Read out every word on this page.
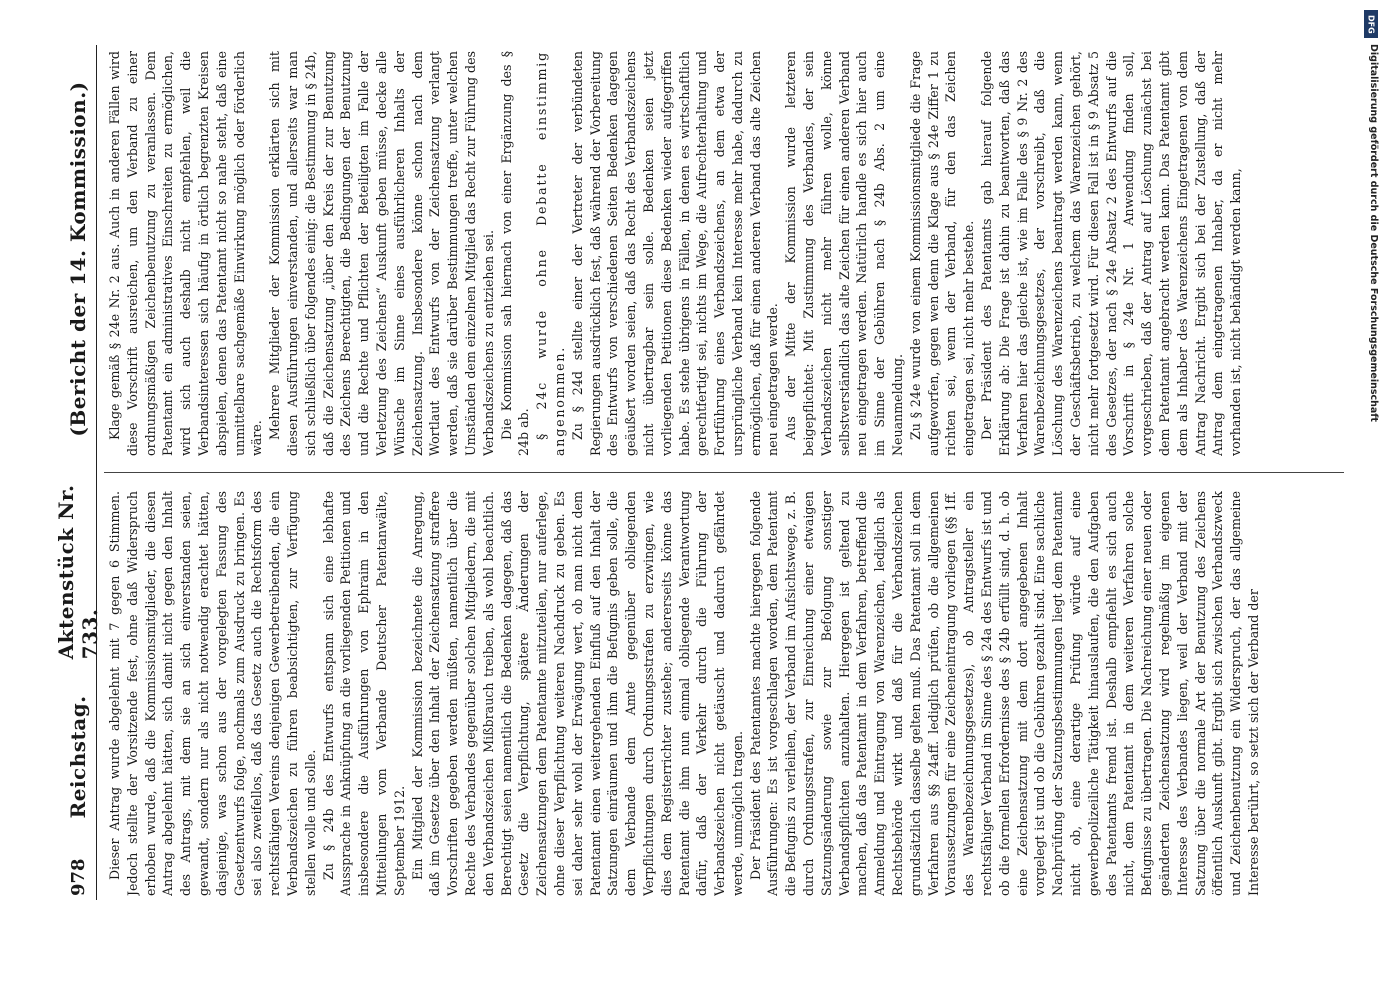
978
Reichstag.
Aktenstück Nr. 733.
(Bericht der 14. Kommission.)

Dieser Antrag wurde abgelehnt mit 7 gegen 6 Stimmen. Jedoch stellte der Vorsitzende fest, ohne daß Widerspruch erhoben wurde, daß die Kommissionsmitglieder, die diesen Antrag abgelehnt hätten, sich damit nicht gegen den Inhalt des Antrags, mit dem sie an sich einverstanden seien, gewandt, sondern nur als nicht notwendig erachtet hätten, dasjenige, was schon aus der vorgelegten Fassung des Gesetzentwurfs folge, nochmals zum Ausdruck zu bringen. Es sei also zweifellos, daß das Gesetz auch die Rechtsform des rechtsfähigen Vereins denjenigen Gewerbetreibenden, die ein Verbandszeichen zu führen beabsichtigten, zur Verfügung stellen wolle und solle. Zu § 24b des Entwurfs entspann sich eine lebhafte Aussprache in Anknüpfung an die vorliegenden Petitionen und insbesondere die Ausführungen von Ephraim in den Mitteilungen vom Verbande Deutscher Patentanwälte, September 1912. Ein Mitglied der Kommission bezeichnete die Anregung, daß im Gesetze über den Inhalt der Zeichensatzung straffere Vorschriften gegeben werden müßten, namentlich über die Rechte des Verbandes gegenüber solchen Mitgliedern, die mit den Verbandszeichen Mißbrauch treiben, als wohl beachtlich. Berechtigt seien namentlich die Bedenken dagegen, daß das Gesetz die Verpflichtung, spätere Änderungen der Zeichensatzungen dem Patentamte mitzuteilen, nur auferlege, ohne dieser Verpflichtung weiteren Nachdruck zu geben. Es sei daher sehr wohl der Erwägung wert, ob man nicht dem Patentamt einen weitergehenden Einfluß auf den Inhalt der Satzungen einräumen und ihm die Befugnis geben solle, die dem Verbande dem Amte gegenüber obliegenden Verpflichtungen durch Ordnungsstrafen zu erzwingen, wie dies dem Registerrichter zustehe; andererseits könne das Patentamt die ihm nun einmal obliegende Verantwortung dafür, daß der Verkehr durch die Führung der Verbandszeichen nicht getäuscht und dadurch gefährdet werde, unmöglich tragen. Der Präsident des Patentamtes machte hiergegen folgende Ausführungen: Es ist vorgeschlagen worden, dem Patentamt die Befugnis zu verleihen, der Verband im Aufsichtswege, z. B. durch Ordnungsstrafen, zur Einreichung einer etwaigen Satzungsänderung sowie zur Befolgung sonstiger Verbandspflichten anzuhalten. Hiergegen ist geltend zu machen, daß das Patentamt in dem Verfahren, betreffend die Anmeldung und Eintragung von Warenzeichen, lediglich als Rechtsbehörde wirkt und daß für die Verbandszeichen grundsätzlich dasselbe gelten muß. Das Patentamt soll in dem Verfahren aus §§ 24aff. lediglich prüfen, ob die allgemeinen Voraussetzungen für eine Zeicheneintragung vorliegen (§§ 1ff. des Warenbezeichnungsgesetzes), ob Antragsteller ein rechtsfähiger Verband im Sinne des § 24a des Entwurfs ist und ob die formellen Erfordernisse des § 24b erfüllt sind, d. h. ob eine Zeichensatzung mit dem dort angegebenen Inhalt vorgelegt ist und ob die Gebühren gezahlt sind. Eine sachliche Nachprüfung der Satzungsbestimmungen liegt dem Patentamt nicht ob, eine derartige Prüfung würde auf eine gewerbepolizeiliche Tätigkeit hinauslaufen, die den Aufgaben des Patentamts fremd ist. Deshalb empfiehlt es sich auch nicht, dem Patentamt in dem weiteren Verfahren solche Befugnisse zu übertragen. Die Nachreichung einer neuen oder geänderten Zeichensatzung wird regelmäßig im eigenen Interesse des Verbandes liegen, weil der Verband mit der Satzung über die normale Art der Benutzung des Zeichens öffentlich Auskunft gibt. Ergibt sich zwischen Verbandszweck und Zeichenbenutzung ein Widerspruch, der das allgemeine Interesse berührt, so setzt sich der Verband der

Klage gemäß § 24e Nr. 2 aus. Auch in anderen Fällen wird diese Vorschrift ausreichen, um den Verband zu einer ordnungsmäßigen Zeichenbenutzung zu veranlassen. Dem Patentamt ein administratives Einschreiten zu ermöglichen, wird sich auch deshalb nicht empfehlen, weil die Verbandsinteressen sich häufig in örtlich begrenzten Kreisen abspielen, denen das Patentamt nicht so nahe steht, daß eine unmittelbare sachgemäße Einwirkung möglich oder förderlich wäre. Mehrere Mitglieder der Kommission erklärten sich mit diesen Ausführungen einverstanden, und allerseits war man sich schließlich über folgendes einig: die Bestimmung in § 24b, daß die Zeichensatzung „über den Kreis der zur Benutzung des Zeichens Berechtigten, die Bedingungen der Benutzung und die Rechte und Pflichten der Beteiligten im Falle der Verletzung des Zeichens“ Auskunft geben müsse, decke alle Wünsche im Sinne eines ausführlicheren Inhalts der Zeichensatzung. Insbesondere könne schon nach dem Wortlaut des Entwurfs von der Zeichensatzung verlangt werden, daß sie darüber Bestimmungen treffe, unter welchen Umständen dem einzelnen Mitglied das Recht zur Führung des Verbandszeichens zu entziehen sei. Die Kommission sah hiernach von einer Ergänzung des § 24b ab. § 24c wurde ohne Debatte einstimmig angenommen. Zu § 24d stellte einer der Vertreter der verbündeten Regierungen ausdrücklich fest, daß während der Vorbereitung des Entwurfs von verschiedenen Seiten Bedenken dagegen geäußert worden seien, daß das Recht des Verbandszeichens nicht übertragbar sein solle. Bedenken seien jetzt vorliegenden Petitionen diese Bedenken wieder aufgegriffen habe. Es stehe übrigens in Fällen, in denen es wirtschaftlich gerechtfertigt sei, nichts im Wege, die Aufrechterhaltung und Fortführung eines Verbandszeichens, an dem etwa der ursprüngliche Verband kein Interesse mehr habe, dadurch zu ermöglichen, daß für einen anderen Verband das alte Zeichen neu eingetragen werde. Aus der Mitte der Kommission wurde letzteren beigepflichtet: Mit Zustimmung des Verbandes, der sein Verbandszeichen nicht mehr führen wolle, könne selbstverständlich das alte Zeichen für einen anderen Verband neu eingetragen werden. Natürlich handle es sich hier auch im Sinne der Gebühren nach § 24b Abs. 2 um eine Neuanmeldung. Zu § 24e wurde von einem Kommissionsmitgliede die Frage aufgeworfen, gegen wen denn die Klage aus § 24e Ziffer 1 zu richten sei, wenn der Verband, für den das Zeichen eingetragen sei, nicht mehr bestehe. Der Präsident des Patentamts gab hierauf folgende Erklärung ab: Die Frage ist dahin zu beantworten, daß das Verfahren hier das gleiche ist, wie im Falle des § 9 Nr. 2 des Warenbezeichnungsgesetzes, der vorschreibt, daß die Löschung des Warenzeichens beantragt werden kann, wenn der Geschäftsbetrieb, zu welchem das Warenzeichen gehört, nicht mehr fortgesetzt wird. Für diesen Fall ist in § 9 Absatz 5 des Gesetzes, der nach § 24e Absatz 2 des Entwurfs auf die Vorschrift in § 24e Nr. 1 Anwendung finden soll, vorgeschrieben, daß der Antrag auf Löschung zunächst bei dem Patentamt angebracht werden kann. Das Patentamt gibt dem als Inhaber des Warenzeichens Eingetragenen von dem Antrag Nachricht. Ergibt sich bei der Zustellung, daß der Antrag dem eingetragenen Inhaber, da er nicht mehr vorhanden ist, nicht behändigt werden kann,

DFG
Digitalisierung gefördert durch die Deutsche Forschungsgemeinschaft
